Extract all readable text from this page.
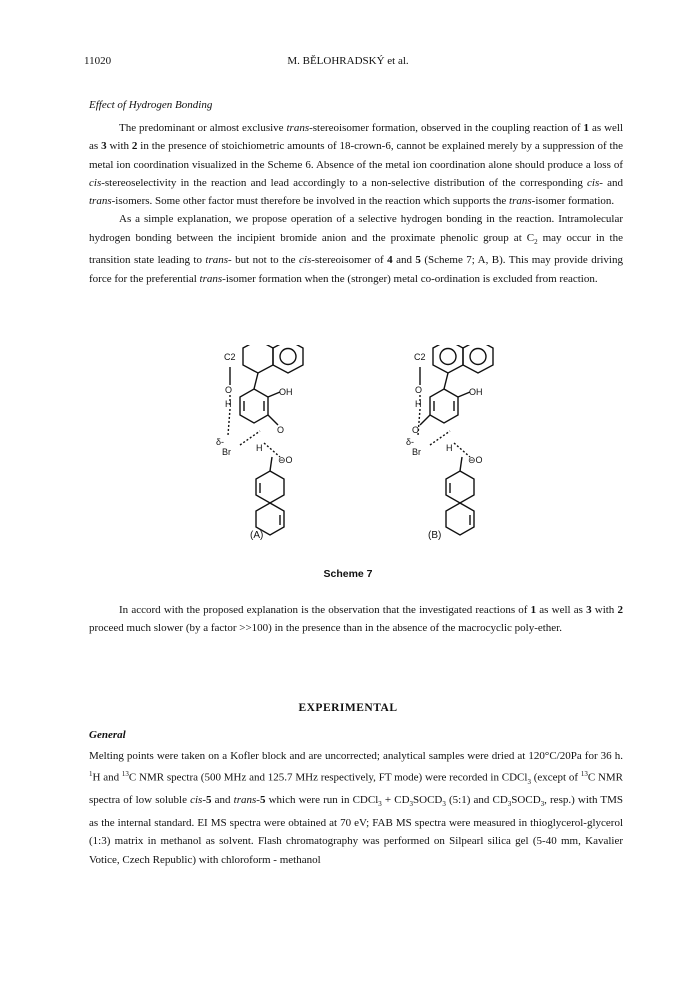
11020	M. BĚLOHRADSKÝ et al.
Effect of Hydrogen Bonding

The predominant or almost exclusive trans-stereoisomer formation, observed in the coupling reaction of 1 as well as 3 with 2 in the presence of stoichiometric amounts of 18-crown-6, cannot be explained merely by a suppression of the metal ion coordination visualized in the Scheme 6. Absence of the metal ion coordination alone should produce a loss of cis-stereoselectivity in the reaction and lead accordingly to a non-selective distribution of the corresponding cis- and trans-isomers. Some other factor must therefore be involved in the reaction which supports the trans-isomer formation.

As a simple explanation, we propose operation of a selective hydrogen bonding in the reaction. Intramolecular hydrogen bonding between the incipient bromide anion and the proximate phenolic group at $C_2$ may occur in the transition state leading to trans- but not to the cis-stereoisomer of 4 and 5 (Scheme 7; A, B). This may provide driving force for the preferential trans-isomer formation when the (stronger) metal co-ordination is excluded from reaction.

C2
O
H
OH
O
δ-
Br	H
⊖O
C2
O
H
OH
O
δ-
Br	H
⊖O
(A)	(B)
Scheme 7

In accord with the proposed explanation is the observation that the investigated reactions of 1 as well as 3 with 2 proceed much slower (by a factor >>100) in the presence than in the absence of the macrocyclic poly-ether.

EXPERIMENTAL
General

Melting points were taken on a Kofler block and are uncorrected; analytical samples were dried at 120°C/20Pa for 36 h. $^1$H and $^{13}$C NMR spectra (500 MHz and 125.7 MHz respectively, FT mode) were recorded in CDCl$_3$ (except of $^{13}$C NMR spectra of low soluble cis-5 and trans-5 which were run in CDCl$_3$ + $CD_3SOCD_3$ (5:1) and $CD_3SOCD_3$, resp.) with TMS as the internal standard. EI MS spectra were obtained at 70 eV; FAB MS spectra were measured in thioglycerol-glycerol (1:3) matrix in methanol as solvent. Flash chromatography was performed on Silpearl silica gel (5-40 mm, Kavalier Votice, Czech Republic) with chloroform - methanol
